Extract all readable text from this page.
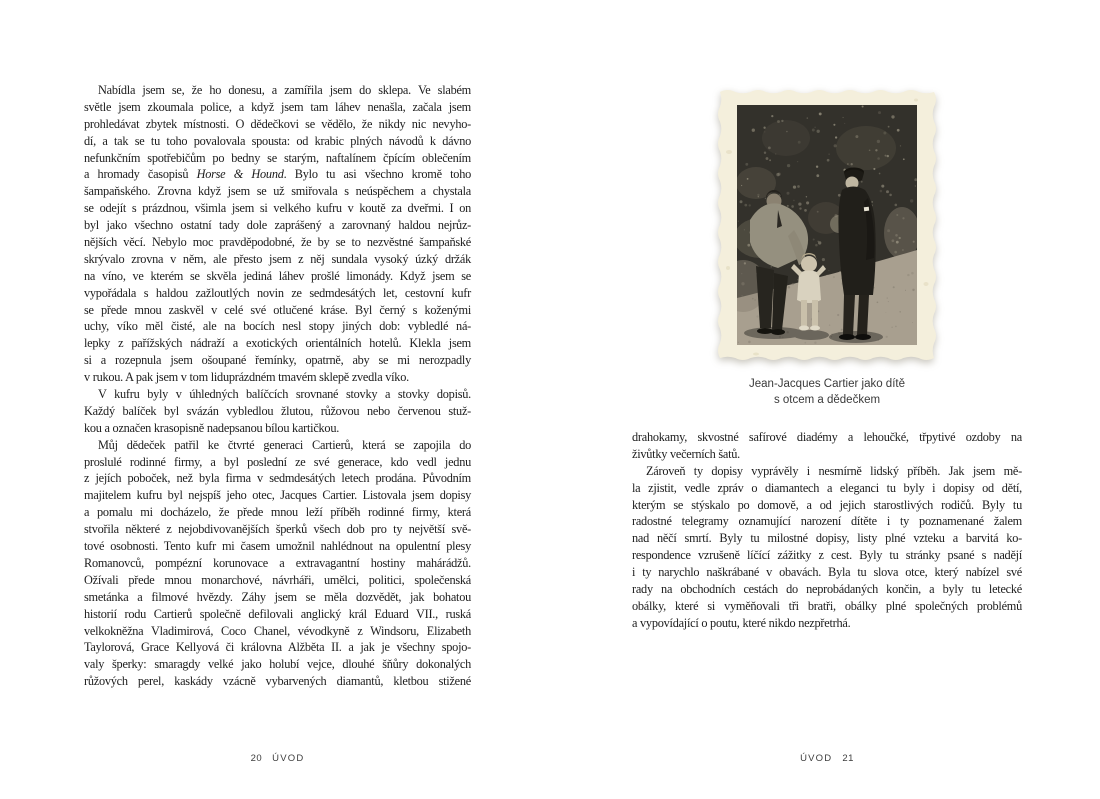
Nabídla jsem se, že ho donesu, a zamířila jsem do sklepa. Ve slabém
světle jsem zkoumala police, a když jsem tam láhev nenašla, začala jsem
prohledávat zbytek místnosti. O dědečkovi se vědělo, že nikdy nic nevyho-
dí, a tak se tu toho povalovala spousta: od krabic plných návodů k dávno
nefunkčním spotřebičům po bedny se starým, naftalínem čpícím oblečením
a hromady časopisů Horse & Hound. Bylo tu asi všechno kromě toho
šampaňského. Zrovna když jsem se už smiřovala s neúspěchem a chystala
se odejít s prázdnou, všimla jsem si velkého kufru v koutě za dveřmi. I on
byl jako všechno ostatní tady dole zaprášený a zarovnaný haldou nejrůz-
nějších věcí. Nebylo moc pravděpodobné, že by se to nezvěstné šampaňské
skrývalo zrovna v něm, ale přesto jsem z něj sundala vysoký úzký držák
na víno, ve kterém se skvěla jediná láhev prošlé limonády. Když jsem se
vypořádala s haldou zažloutlých novin ze sedmdesátých let, cestovní kufr
se přede mnou zaskvěl v celé své otlučené kráse. Byl černý s koženými
uchy, víko měl čisté, ale na bocích nesl stopy jiných dob: vybledlé ná-
lepky z pařížských nádraží a exotických orientálních hotelů. Klekla jsem
si a rozepnula jsem ošoupané řemínky, opatrně, aby se mi nerozpadly
v rukou. A pak jsem v tom liduprázdném tmavém sklepě zvedla víko.
V kufru byly v úhledných balíčcích srovnané stovky a stovky dopisů.
Každý balíček byl svázán vybledlou žlutou, růžovou nebo červenou stuž-
kou a označen krasopisně nadepsanou bílou kartičkou.
Můj dědeček patřil ke čtvrté generaci Cartierů, která se zapojila do
proslulé rodinné firmy, a byl poslední ze své generace, kdo vedl jednu
z jejích poboček, než byla firma v sedmdesátých letech prodána. Původním
majitelem kufru byl nejspíš jeho otec, Jacques Cartier. Listovala jsem dopisy
a pomalu mi docházelo, že přede mnou leží příběh rodinné firmy, která
stvořila některé z nejobdivovanějších šperků všech dob pro ty největší svě-
tové osobnosti. Tento kufr mi časem umožnil nahlédnout na opulentní plesy
Romanovců, pompézní korunovace a extravagantní hostiny mahárádžů.
Ožívali přede mnou monarchové, návrháři, umělci, politici, společenská
smetánka a filmové hvězdy. Záhy jsem se měla dozvědět, jak bohatou
historií rodu Cartierů společně defilovali anglický král Eduard VII., ruská
velkokněžna Vladimirová, Coco Chanel, vévodkyně z Windsoru, Elizabeth
Taylorová, Grace Kellyová či královna Alžběta II. a jak je všechny spojo-
valy šperky: smaragdy velké jako holubí vejce, dlouhé šňůry dokonalých
růžových perel, kaskády vzácně vybarvených diamantů, kletbou stižené
Jean-Jacques Cartier jako dítě
s otcem a dědečkem
drahokamy, skvostné safírové diadémy a lehoučké, třpytivé ozdoby na
živůtky večerních šatů.
Zároveň ty dopisy vyprávěly i nesmírně lidský příběh. Jak jsem mě-
la zjistit, vedle zpráv o diamantech a eleganci tu byly i dopisy od dětí,
kterým se stýskalo po domově, a od jejich starostlivých rodičů. Byly tu
radostné telegramy oznamující narození dítěte i ty poznamenané žalem
nad něčí smrtí. Byly tu milostné dopisy, listy plné vzteku a barvitá ko-
respondence vzrušeně líčící zážitky z cest. Byly tu stránky psané s nadějí
i ty narychlo naškrábané v obavách. Byla tu slova otce, který nabízel své
rady na obchodních cestách do neprobádaných končin, a byly tu letecké
obálky, které si vyměňovali tři bratři, obálky plné společných problémů
a vypovídající o poutu, které nikdo nezpřetrhá.
20 ÚVOD	ÚVOD 21
